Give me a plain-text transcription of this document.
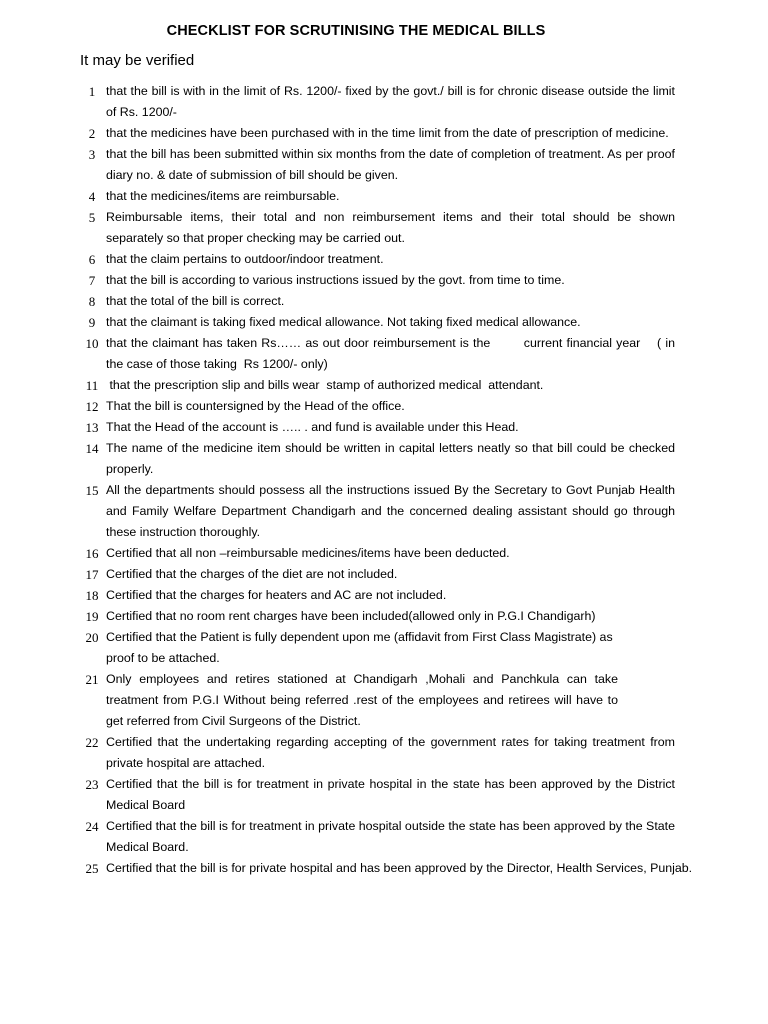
CHECKLIST FOR SCRUTINISING THE MEDICAL BILLS
It may be verified
1 that the bill is with in the limit of Rs. 1200/- fixed by the govt./ bill is for chronic disease outside the limit of Rs. 1200/-
2 that the medicines have been purchased with in the time limit from the date of prescription of medicine.
3 that the bill has been submitted within six months from the date of completion of treatment. As per proof diary no. & date of submission of bill should be given.
4 that the medicines/items are reimbursable.
5 Reimbursable items, their total and non reimbursement items and their total should be shown separately so that proper checking may be carried out.
6 that the claim pertains to outdoor/indoor treatment.
7 that the bill is according to various instructions issued by the govt. from time to time.
8 that the total of the bill is correct.
9 that the claimant is taking fixed medical allowance. Not taking fixed medical allowance.
10 that the claimant has taken Rs…… as out door reimbursement is the        current financial year    ( in the case of those taking  Rs 1200/- only)
11 that the prescription slip and bills wear  stamp of authorized medical  attendant.
12 That the bill is countersigned by the Head of the office.
13 That the Head of the account is ….. . and fund is available under this Head.
14 The name of the medicine item should be written in capital letters neatly so that bill could be checked properly.
15 All the departments should possess all the instructions issued By the Secretary to Govt Punjab Health and Family Welfare Department Chandigarh and the concerned dealing assistant should go through these instruction thoroughly.
16 Certified that all non –reimbursable medicines/items have been deducted.
17 Certified that the charges of the diet are not included.
18 Certified that the charges for heaters and AC are not included.
19 Certified that no room rent charges have been included(allowed only in P.G.I Chandigarh)
20 Certified that the Patient is fully dependent upon me (affidavit from First Class Magistrate) as proof to be attached.
21 Only employees and retires stationed at Chandigarh ,Mohali and Panchkula can take treatment from P.G.I Without being referred .rest of the employees and retirees will have to get referred from Civil Surgeons of the District.
22 Certified that the undertaking regarding accepting of the government rates for taking treatment from private hospital are attached.
23 Certified that the bill is for treatment in private hospital in the state has been approved by the District Medical Board
24 Certified that the bill is for treatment in private hospital outside the state has been approved by the State Medical Board.
25 Certified that the bill is for private hospital and has been approved by the Director, Health Services, Punjab.
